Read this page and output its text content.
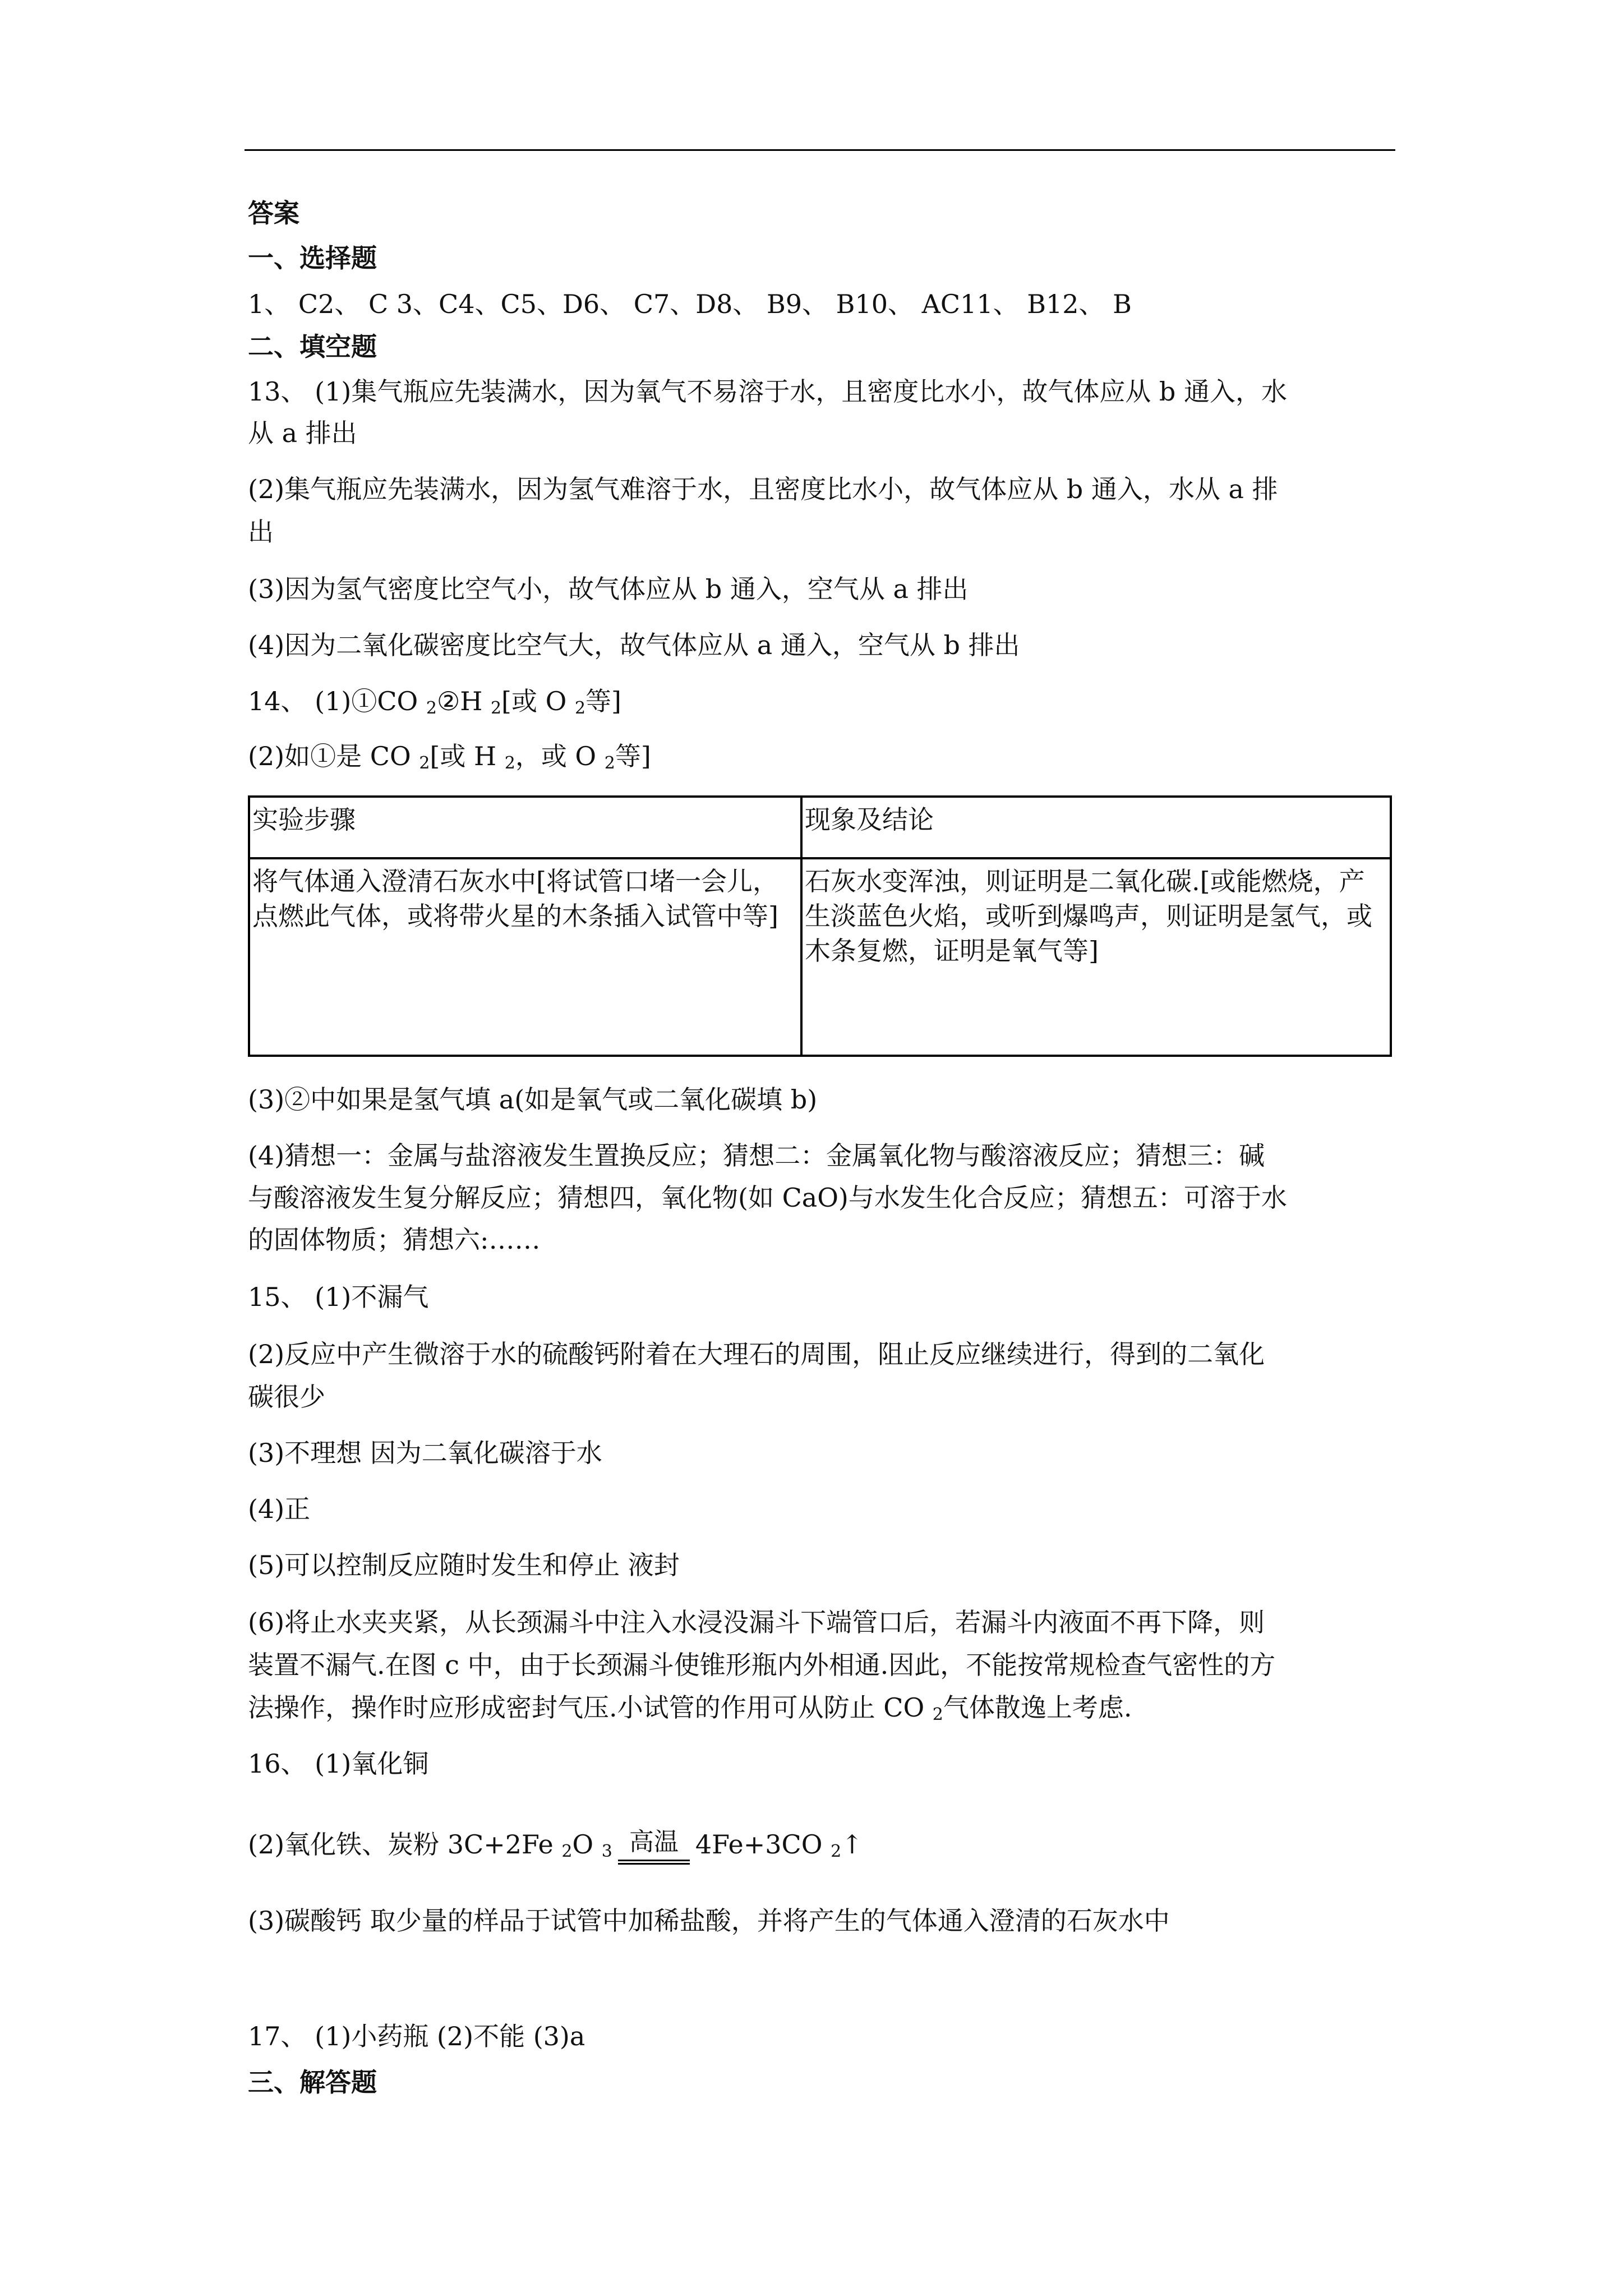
答案
一、选择题
1、 C2、 C 3、C4、C5、D6、 C7、D8、 B9、 B10、 AC11、 B12、 B
二、填空题
13、 (1)集气瓶应先装满水，因为氧气不易溶于水，且密度比水小，故气体应从 b 通入，水
从 a 排出
(2)集气瓶应先装满水，因为氢气难溶于水，且密度比水小，故气体应从 b 通入，水从 a 排
出
(3)因为氢气密度比空气小，故气体应从 b 通入，空气从 a 排出
(4)因为二氧化碳密度比空气大，故气体应从 a 通入，空气从 b 排出
14、 (1)①CO $_2$②H $_2$[或 O $_2$等]
(2)如①是 CO $_2$[或 H $_2$，或 O $_2$等]
实验步骤	现象及结论
将气体通入澄清石灰水中[将试管口堵一会儿，点燃此气体，或将带火星的木条插入试管中等]	石灰水变浑浊，则证明是二氧化碳.[或能燃烧，产生淡蓝色火焰，或听到爆鸣声，则证明是氢气，或木条复燃，证明是氧气等]
(3)②中如果是氢气填 a(如是氧气或二氧化碳填 b)
(4)猜想一：金属与盐溶液发生置换反应；猜想二：金属氧化物与酸溶液反应；猜想三：碱
与酸溶液发生复分解反应；猜想四，氧化物(如 CaO)与水发生化合反应；猜想五：可溶于水
的固体物质；猜想六:……
15、 (1)不漏气
(2)反应中产生微溶于水的硫酸钙附着在大理石的周围，阻止反应继续进行，得到的二氧化
碳很少
(3)不理想 因为二氧化碳溶于水
(4)正
(5)可以控制反应随时发生和停止 液封
(6)将止水夹夹紧，从长颈漏斗中注入水浸没漏斗下端管口后，若漏斗内液面不再下降，则
装置不漏气.在图 c 中，由于长颈漏斗使锥形瓶内外相通.因此，不能按常规检查气密性的方
法操作，操作时应形成密封气压.小试管的作用可从防止 CO $_2$气体散逸上考虑.
16、 (1)氧化铜
(2)氧化铁、炭粉 3C+2Fe $_2$O $_3$ 高温 4Fe+3CO $_2$↑
(3)碳酸钙 取少量的样品于试管中加稀盐酸，并将产生的气体通入澄清的石灰水中
17、 (1)小药瓶 (2)不能 (3)a
三、解答题
